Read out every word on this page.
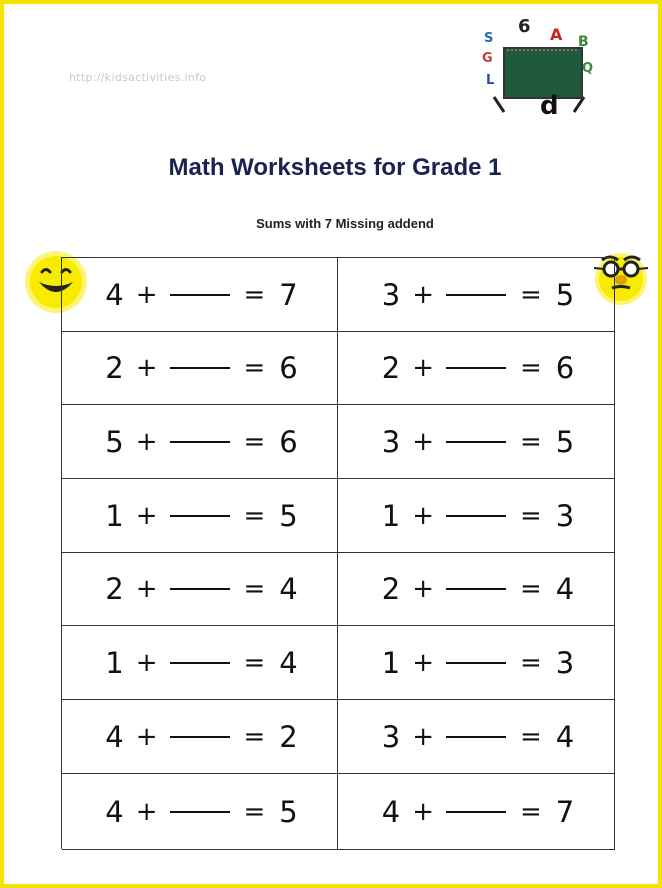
http://kidsactivities.info
6 A B
S
G
d
Q
L
Math Worksheets for Grade 1
Sums with 7 Missing addend
4 +	= 7	3 +	= 5
2 +	= 6	2 +	= 6
5 +	= 6	3 +	= 5
1 +	= 5	1 +	= 3
2 +	= 4	2 +	= 4
1 +	= 4	1 +	= 3
4 +	= 2	3 +	= 4
4 +	= 5	4 +	= 7
